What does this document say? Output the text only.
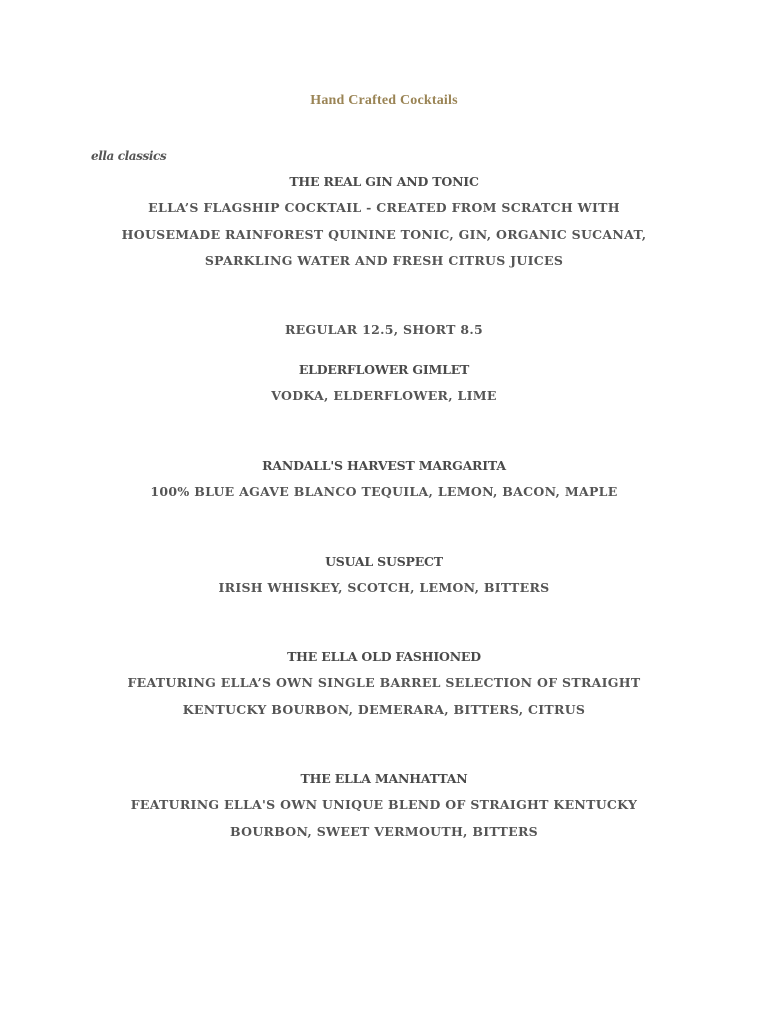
Hand Crafted Cocktails
ella classics
THE REAL GIN AND TONIC
ELLA’S FLAGSHIP COCKTAIL - CREATED FROM SCRATCH WITH
HOUSEMADE RAINFOREST QUININE TONIC, GIN, ORGANIC SUCANAT,
SPARKLING WATER AND FRESH CITRUS JUICES
REGULAR 12.5, SHORT 8.5
ELDERFLOWER GIMLET
VODKA, ELDERFLOWER, LIME
RANDALL'S HARVEST MARGARITA
100% BLUE AGAVE BLANCO TEQUILA, LEMON, BACON, MAPLE
USUAL SUSPECT
IRISH WHISKEY, SCOTCH, LEMON, BITTERS
THE ELLA OLD FASHIONED
FEATURING ELLA’S OWN SINGLE BARREL SELECTION OF STRAIGHT
KENTUCKY BOURBON, DEMERARA, BITTERS, CITRUS
THE ELLA MANHATTAN
FEATURING ELLA'S OWN UNIQUE BLEND OF STRAIGHT KENTUCKY
BOURBON, SWEET VERMOUTH, BITTERS
